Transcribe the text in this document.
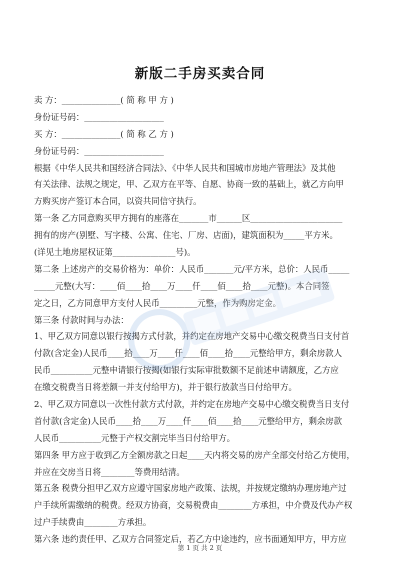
新版二手房买卖合同
卖 方：______________( 简 称 甲 方 )
身份证号码：___________________
买 方：______________( 简 称 乙 方 )
身份证号码：___________________
根据《中华人民共和国经济合同法》、《中华人民共和国城市房地产管理法》及其他
有关法律、法规之规定，甲、乙双方在平等、自愿、协商一致的基础上，就乙方向甲
方购买房产签订本合同，以资共同信守执行。
第一条 乙方同意购买甲方拥有的座落在_______市______区______________________
拥有的房产(别墅、写字楼、公寓、住宅、厂房、店面)，建筑面积为_____平方米。
(详见土地房屋权证第_______________号)。
第二条 上述房产的交易价格为：单价：人民币_______元/平方米，总价：人民币_____
_____元整(大写：____佰____拾____万____仟____佰____拾____元整)。本合同签
定之日，乙方同意甲方支付人民币_________元整，作为购房定金。
第三条 付款时间与办法：
1、甲乙双方同意以银行按揭方式付款，并约定在房地产交易中心缴交税费当日支付首
付款(含定金)人民币____拾____万____仟____佰____拾____元整给甲方，剩余房款人
民币__________元整申请银行按揭(如银行实际审批数额不足前述申请额度，乙方应
在缴交税费当日将差额一并支付给甲方)，并于银行放款当日付给甲方。
2、甲乙双方同意以一次性付款方式付款，并约定在房地产交易中心缴交税费当日支付
首付款(含定金)人民币____拾____万____仟____佰____拾____元整给甲方，剩余房款
人民币__________元整于产权交割完毕当日付给甲方。
第四条 甲方应于收到乙方全额房款之日起____天内将交易的房产全部交付给乙方使用，
并应在交房当日将________等费用结清。
第五条 税费分担甲乙双方应遵守国家房地产政策、法规，并按规定缴纳办理房地产过
户手续所需缴纳的税费。经双方协商，交易税费由________方承担，中介费及代办产权
过户手续费由________方承担。
第六条 违约责任甲、乙双方合同签定后，若乙方中途违约，应书面通知甲方，甲方应
第 1 页 共 2 页
